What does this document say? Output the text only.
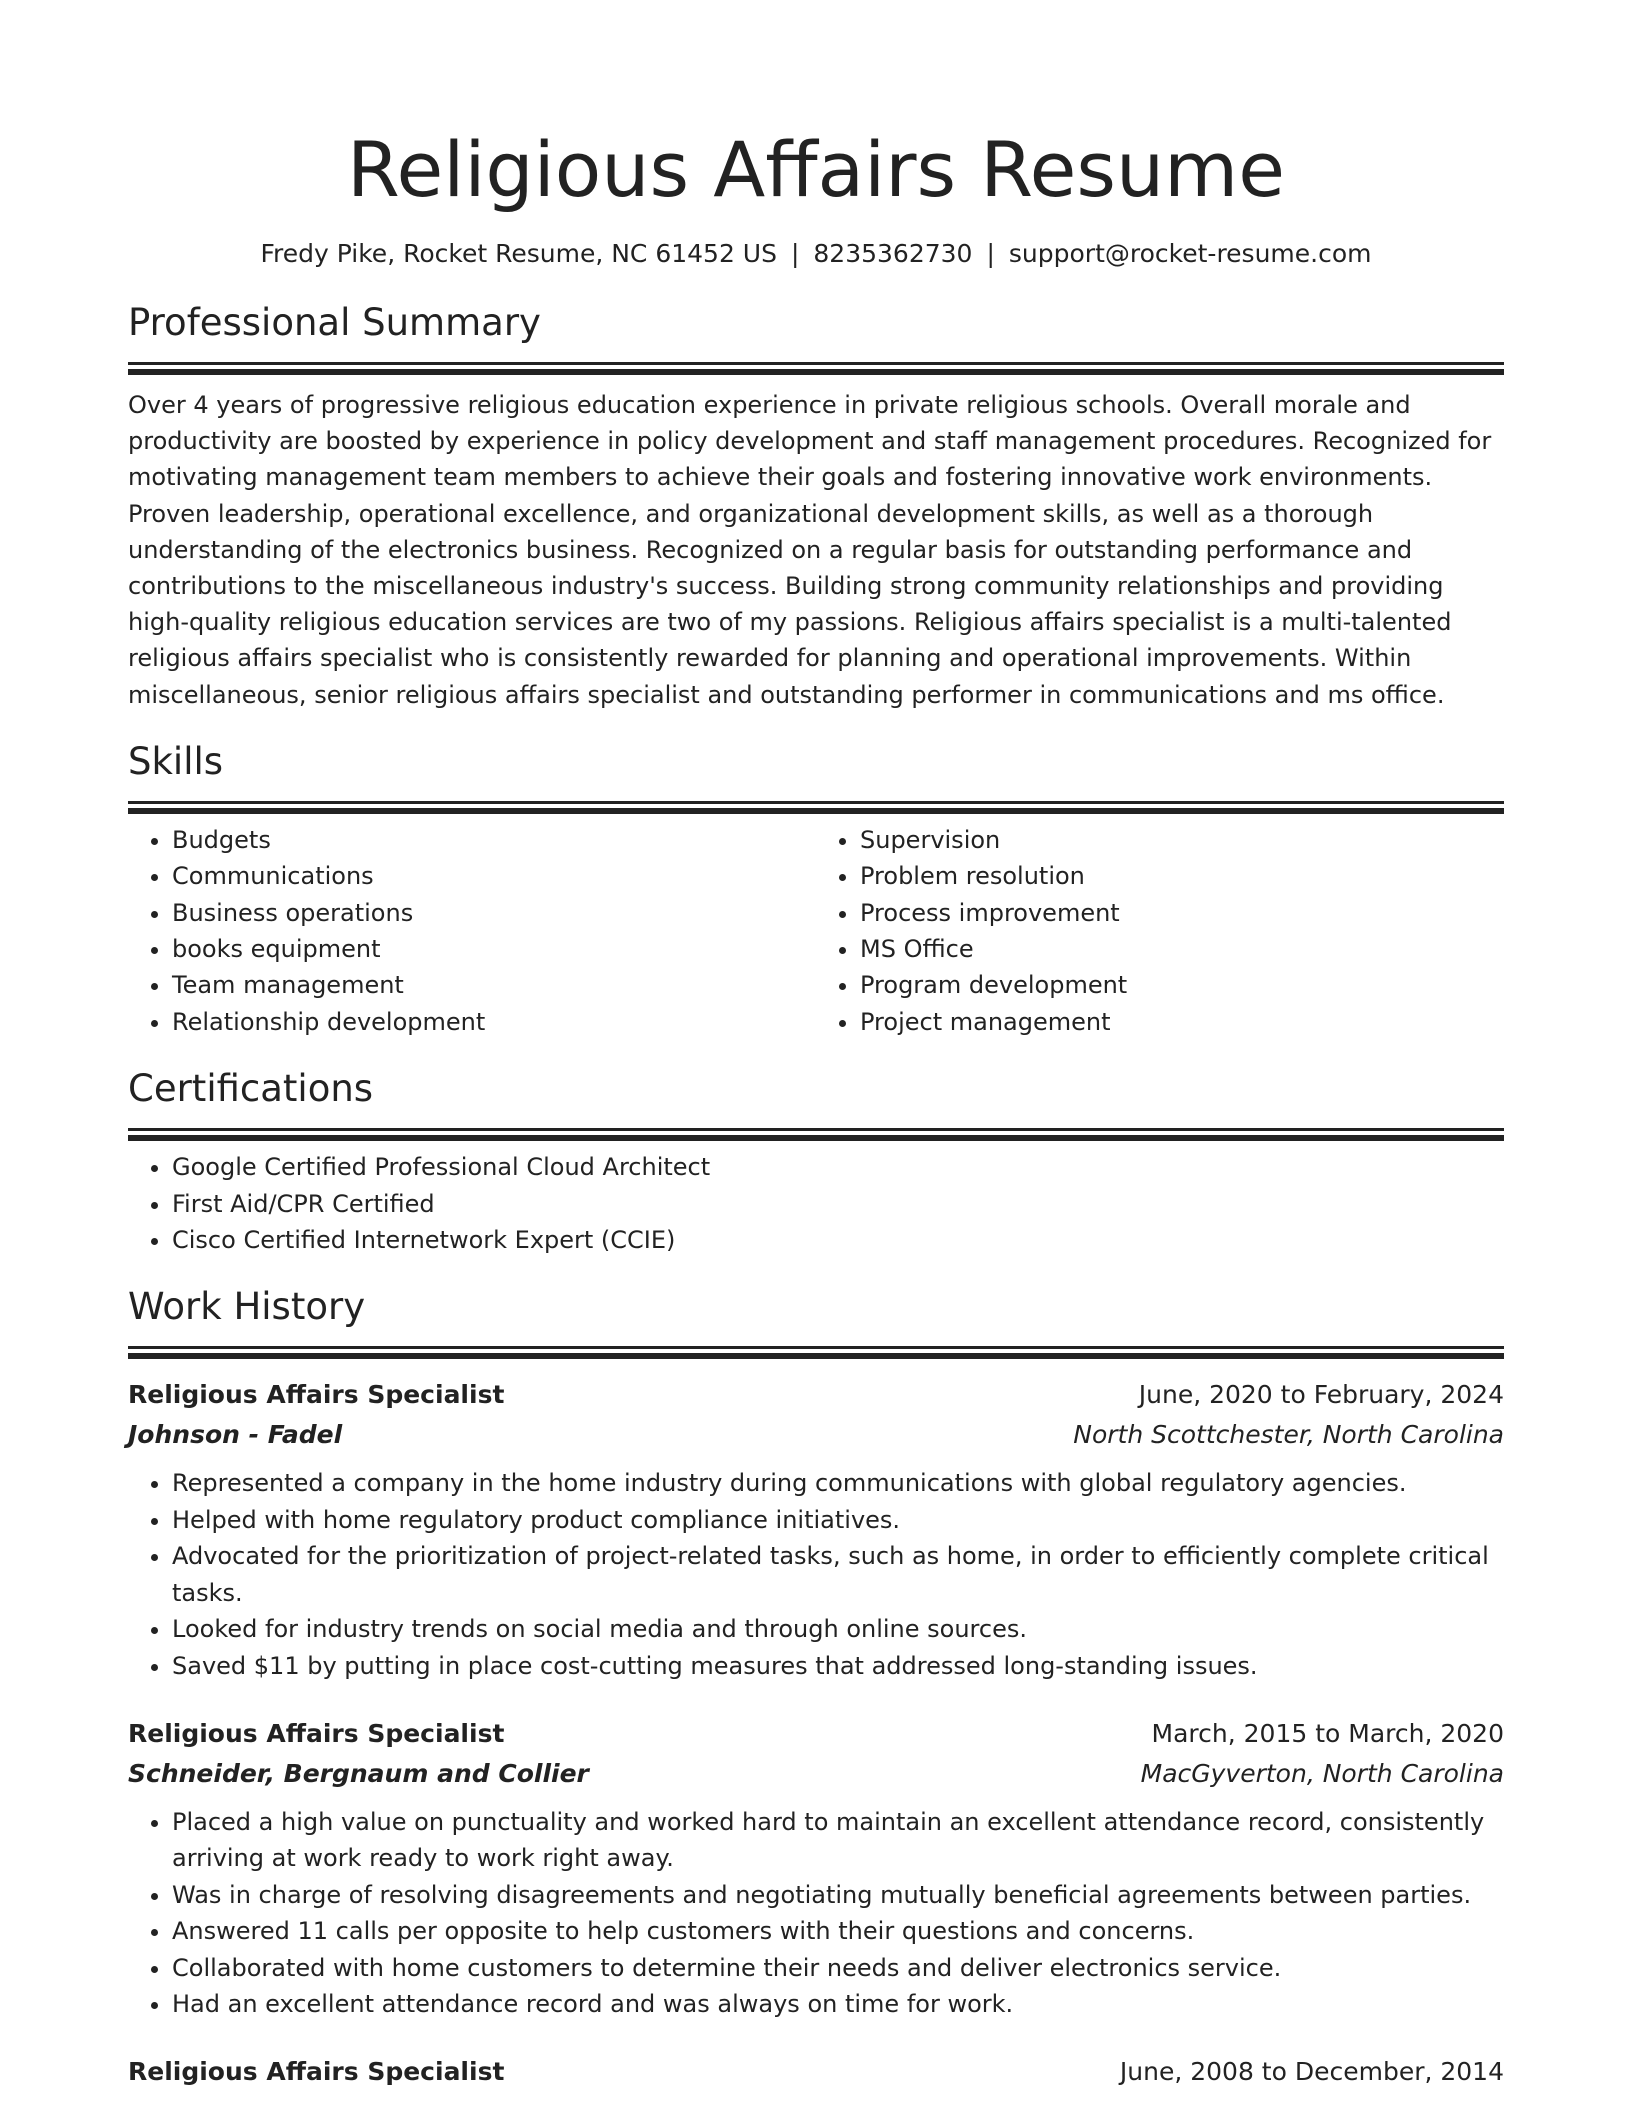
Religious Affairs Resume
Fredy Pike, Rocket Resume, NC 61452 US | 8235362730 | support@rocket-resume.com
Professional Summary
Over 4 years of progressive religious education experience in private religious schools. Overall morale and productivity are boosted by experience in policy development and staff management procedures. Recognized for motivating management team members to achieve their goals and fostering innovative work environments. Proven leadership, operational excellence, and organizational development skills, as well as a thorough understanding of the electronics business. Recognized on a regular basis for outstanding performance and contributions to the miscellaneous industry's success. Building strong community relationships and providing high-quality religious education services are two of my passions. Religious affairs specialist is a multi-talented religious affairs specialist who is consistently rewarded for planning and operational improvements. Within miscellaneous, senior religious affairs specialist and outstanding performer in communications and ms office.
Skills
• Budgets
• Communications
• Business operations
• books equipment
• Team management
• Relationship development
• Supervision
• Problem resolution
• Process improvement
• MS Office
• Program development
• Project management
Certifications
• Google Certified Professional Cloud Architect
• First Aid/CPR Certified
• Cisco Certified Internetwork Expert (CCIE)
Work History
Religious Affairs Specialist	June, 2020 to February, 2024
Johnson - Fadel	North Scottchester, North Carolina
• Represented a company in the home industry during communications with global regulatory agencies.
• Helped with home regulatory product compliance initiatives.
• Advocated for the prioritization of project-related tasks, such as home, in order to efficiently complete critical tasks.
• Looked for industry trends on social media and through online sources.
• Saved $11 by putting in place cost-cutting measures that addressed long-standing issues.
Religious Affairs Specialist	March, 2015 to March, 2020
Schneider, Bergnaum and Collier	MacGyverton, North Carolina
• Placed a high value on punctuality and worked hard to maintain an excellent attendance record, consistently arriving at work ready to work right away.
• Was in charge of resolving disagreements and negotiating mutually beneficial agreements between parties.
• Answered 11 calls per opposite to help customers with their questions and concerns.
• Collaborated with home customers to determine their needs and deliver electronics service.
• Had an excellent attendance record and was always on time for work.
Religious Affairs Specialist	June, 2008 to December, 2014
